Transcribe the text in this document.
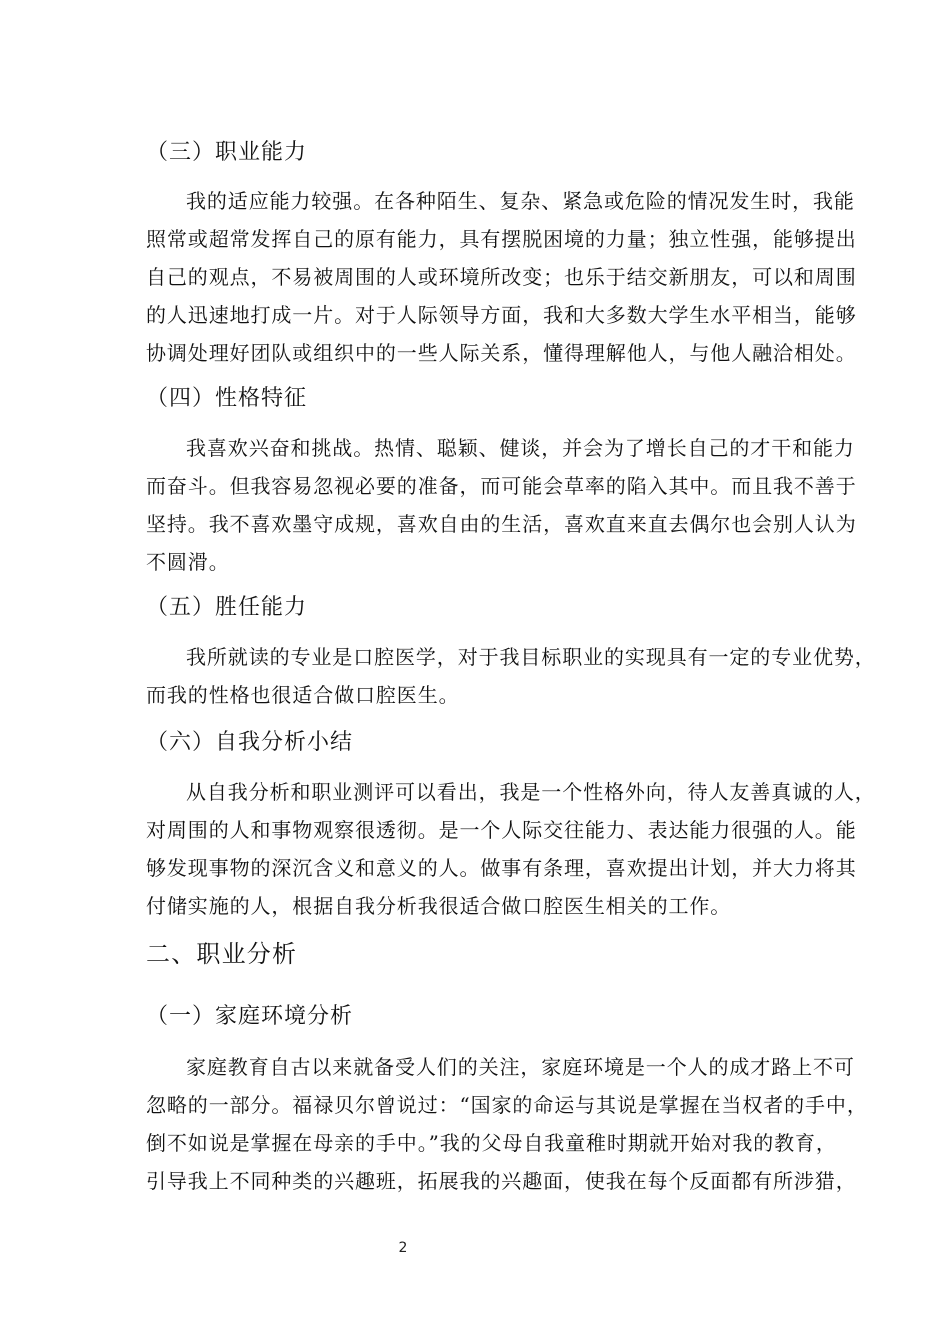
（三）职业能力
我的适应能力较强。在各种陌生、复杂、紧急或危险的情况发生时，我能
照常或超常发挥自己的原有能力，具有摆脱困境的力量；独立性强，能够提出
自己的观点，不易被周围的人或环境所改变；也乐于结交新朋友，可以和周围
的人迅速地打成一片。对于人际领导方面，我和大多数大学生水平相当，能够
协调处理好团队或组织中的一些人际关系，懂得理解他人，与他人融洽相处。
（四）性格特征
我喜欢兴奋和挑战。热情、聪颖、健谈，并会为了增长自己的才干和能力
而奋斗。但我容易忽视必要的准备，而可能会草率的陷入其中。而且我不善于
坚持。我不喜欢墨守成规，喜欢自由的生活，喜欢直来直去偶尔也会别人认为
不圆滑。
（五）胜任能力
我所就读的专业是口腔医学，对于我目标职业的实现具有一定的专业优势，
而我的性格也很适合做口腔医生。
（六）自我分析小结
从自我分析和职业测评可以看出，我是一个性格外向，待人友善真诚的人，
对周围的人和事物观察很透彻。是一个人际交往能力、表达能力很强的人。能
够发现事物的深沉含义和意义的人。做事有条理，喜欢提出计划，并大力将其
付储实施的人，根据自我分析我很适合做口腔医生相关的工作。
二、职业分析
（一）家庭环境分析
家庭教育自古以来就备受人们的关注，家庭环境是一个人的成才路上不可
忽略的一部分。福禄贝尔曾说过：“国家的命运与其说是掌握在当权者的手中，
倒不如说是掌握在母亲的手中。”我的父母自我童稚时期就开始对我的教育，
引导我上不同种类的兴趣班，拓展我的兴趣面，使我在每个反面都有所涉猎，
2
